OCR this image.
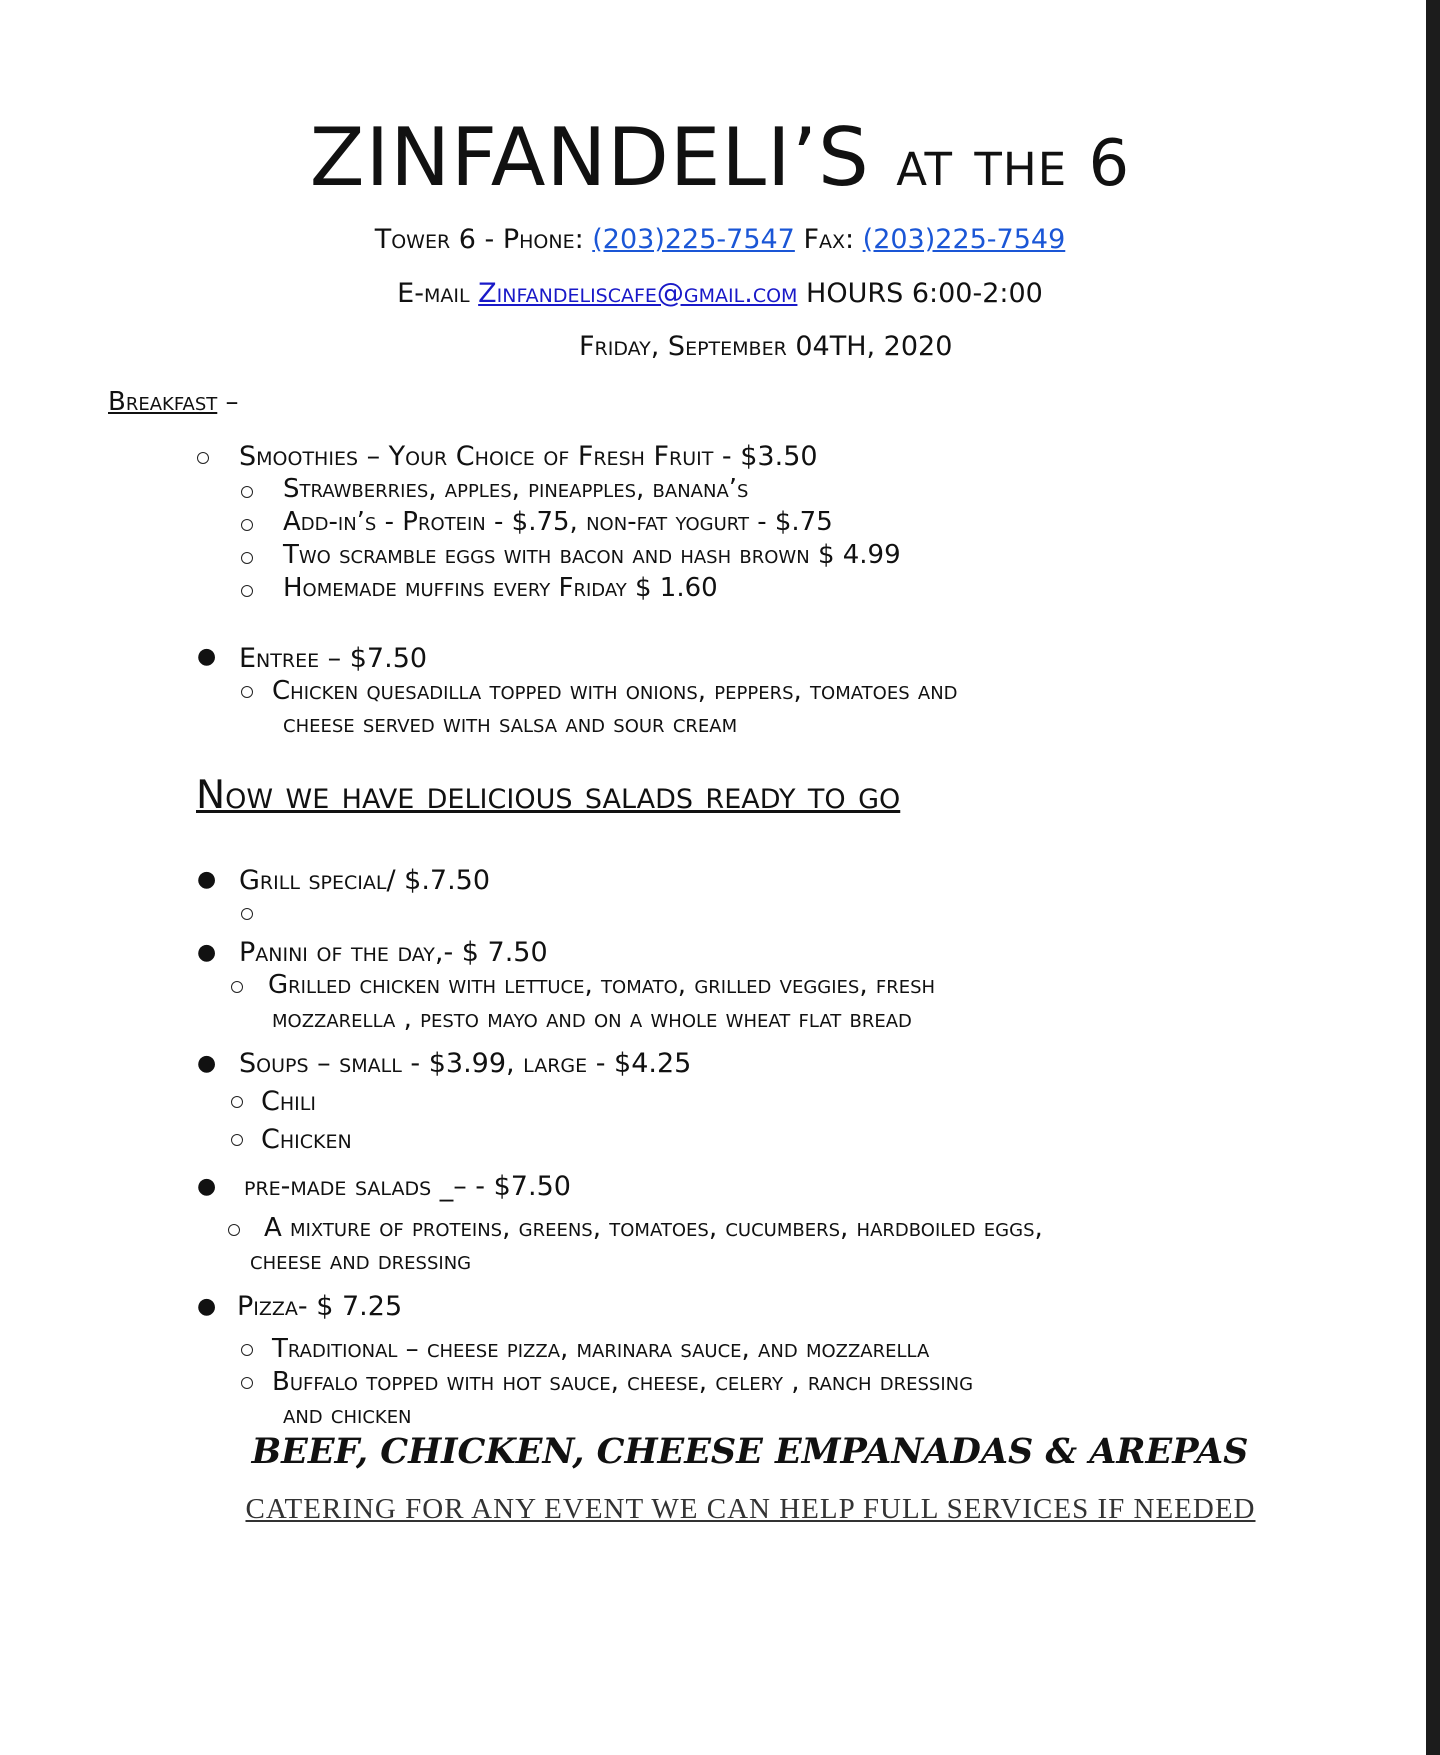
ZINFANDELI’S at the 6
Tower 6 - Phone: (203)225-7547 Fax: (203)225-7549
E-mail Zinfandeliscafe@gmail.com HOURS 6:00-2:00
Friday, September 04TH, 2020
Breakfast –
Smoothies – Your Choice of Fresh Fruit - $3.50
Strawberries, apples, pineapples, banana’s
Add-in’s - Protein - $.75, non-fat yogurt - $.75
Two scramble eggs with bacon and hash brown $ 4.99
Homemade muffins every Friday $ 1.60
● Entree – $7.50
Chicken quesadilla topped with onions, peppers, tomatoes and
cheese served with salsa and sour cream
Now we have delicious salads ready to go
● Grill special/ $.7.50
● Panini of the day,- $ 7.50
Grilled chicken with lettuce, tomato, grilled veggies, fresh
mozzarella , pesto mayo and on a whole wheat flat bread
● Soups – small - $3.99, large - $4.25
Chili
Chicken
● pre-made salads _– - $7.50
A mixture of proteins, greens, tomatoes, cucumbers, hardboiled eggs,
cheese and dressing
● Pizza- $ 7.25
Traditional – cheese pizza, marinara sauce, and mozzarella
Buffalo topped with hot sauce, cheese, celery , ranch dressing
and chicken
BEEF, CHICKEN, CHEESE EMPANADAS & AREPAS
CATERING FOR ANY EVENT WE CAN HELP FULL SERVICES IF NEEDED
